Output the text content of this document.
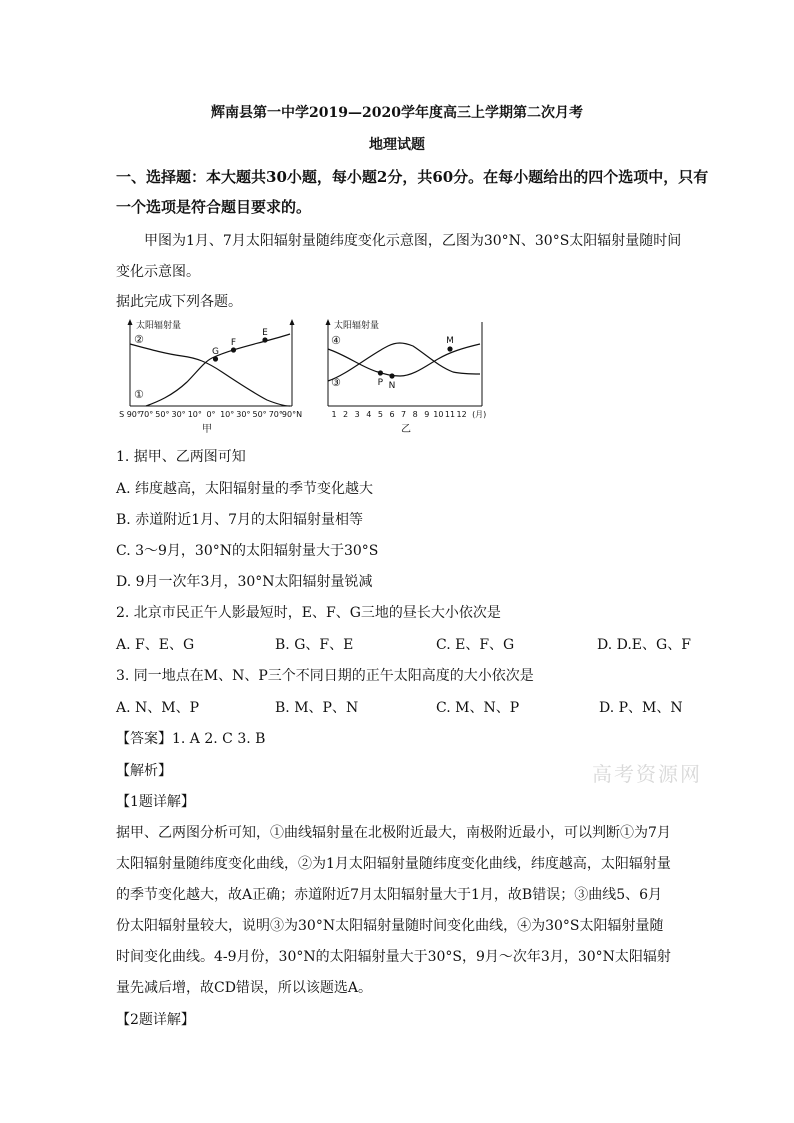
辉南县第一中学2019—2020学年度高三上学期第二次月考
地理试题
一、选择题：本大题共30小题，每小题2分，共60分。在每小题给出的四个选项中，只有
一个选项是符合题目要求的。
甲图为1月、7月太阳辐射量随纬度变化示意图，乙图为30°N、30°S太阳辐射量随时间
变化示意图。
据此完成下列各题。
太阳辐射量
②
①
G
F
E
S 90°
70° 50° 30° 10° 0° 10° 30° 50° 70° 90°N
甲
太阳辐射量
④
③	P N
M
1 2 3 4 5 6 7 8 9 10 11 12 (月)
乙
1. 据甲、乙两图可知
A. 纬度越高，太阳辐射量的季节变化越大
B. 赤道附近1月、7月的太阳辐射量相等
C. 3～9月，30°N的太阳辐射量大于30°S
D. 9月一次年3月，30°N太阳辐射量锐减
2. 北京市民正午人影最短时，E、F、G三地的昼长大小依次是
A. F、E、G	B. G、F、E	C. E、F、G	D. D.E、G、F
3. 同一地点在M、N、P三个不同日期的正午太阳高度的大小依次是
A. N、M、P	B. M、P、N	C. M、N、P	D. P、M、N
【答案】1. A 2. C 3. B
【解析】	高考资源网
【1题详解】
据甲、乙两图分析可知，①曲线辐射量在北极附近最大，南极附近最小，可以判断①为7月
太阳辐射量随纬度变化曲线，②为1月太阳辐射量随纬度变化曲线，纬度越高，太阳辐射量
的季节变化越大，故A正确；赤道附近7月太阳辐射量大于1月，故B错误；③曲线5、6月
份太阳辐射量较大，说明③为30°N太阳辐射量随时间变化曲线，④为30°S太阳辐射量随
时间变化曲线。4-9月份，30°N的太阳辐射量大于30°S，9月～次年3月，30°N太阳辐射
量先减后增，故CD错误，所以该题选A。
【2题详解】
